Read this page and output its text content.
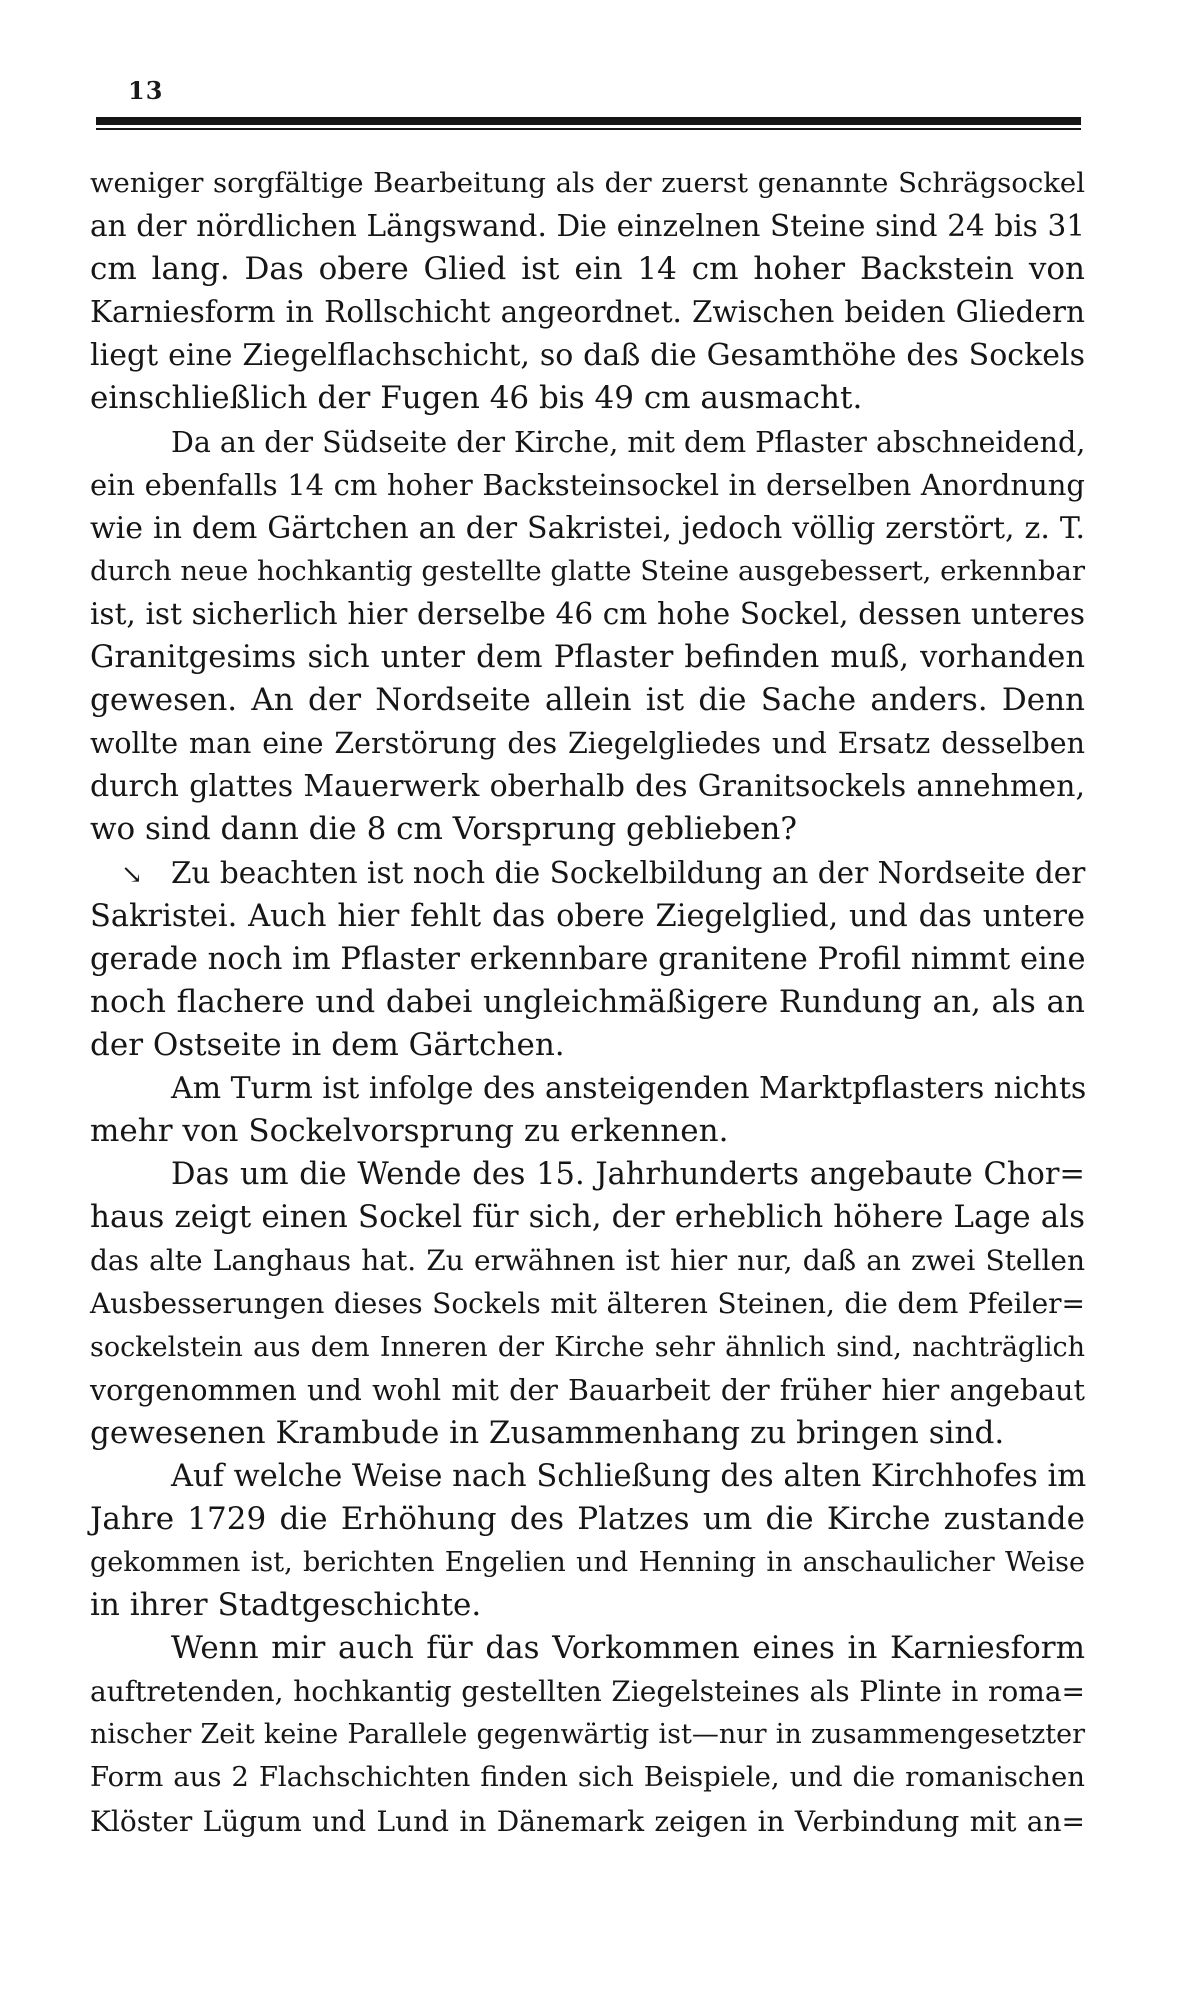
13
weniger sorgfältige Bearbeitung als der zuerst genannte Schrägsockel
an der nördlichen Längswand. Die einzelnen Steine sind 24 bis 31
cm lang. Das obere Glied ist ein 14 cm hoher Backstein von
Karniesform in Rollschicht angeordnet. Zwischen beiden Gliedern
liegt eine Ziegelflachschicht, so daß die Gesamthöhe des Sockels
einschließlich der Fugen 46 bis 49 cm ausmacht.
Da an der Südseite der Kirche, mit dem Pflaster abschneidend,
ein ebenfalls 14 cm hoher Backsteinsockel in derselben Anordnung
wie in dem Gärtchen an der Sakristei, jedoch völlig zerstört, z. T.
durch neue hochkantig gestellte glatte Steine ausgebessert, erkennbar
ist, ist sicherlich hier derselbe 46 cm hohe Sockel, dessen unteres
Granitgesims sich unter dem Pflaster befinden muß, vorhanden
gewesen. An der Nordseite allein ist die Sache anders. Denn
wollte man eine Zerstörung des Ziegelgliedes und Ersatz desselben
durch glattes Mauerwerk oberhalb des Granitsockels annehmen,
wo sind dann die 8 cm Vorsprung geblieben?
↘ Zu beachten ist noch die Sockelbildung an der Nordseite der
Sakristei. Auch hier fehlt das obere Ziegelglied, und das untere
gerade noch im Pflaster erkennbare granitene Profil nimmt eine
noch flachere und dabei ungleichmäßigere Rundung an, als an
der Ostseite in dem Gärtchen.
Am Turm ist infolge des ansteigenden Marktpflasters nichts
mehr von Sockelvorsprung zu erkennen.
Das um die Wende des 15. Jahrhunderts angebaute Chor=
haus zeigt einen Sockel für sich, der erheblich höhere Lage als
das alte Langhaus hat. Zu erwähnen ist hier nur, daß an zwei Stellen
Ausbesserungen dieses Sockels mit älteren Steinen, die dem Pfeiler=
sockelstein aus dem Inneren der Kirche sehr ähnlich sind, nachträglich
vorgenommen und wohl mit der Bauarbeit der früher hier angebaut
gewesenen Krambude in Zusammenhang zu bringen sind.
Auf welche Weise nach Schließung des alten Kirchhofes im
Jahre 1729 die Erhöhung des Platzes um die Kirche zustande
gekommen ist, berichten Engelien und Henning in anschaulicher Weise
in ihrer Stadtgeschichte.
Wenn mir auch für das Vorkommen eines in Karniesform
auftretenden, hochkantig gestellten Ziegelsteines als Plinte in roma=
nischer Zeit keine Parallele gegenwärtig ist—nur in zusammengesetzter
Form aus 2 Flachschichten finden sich Beispiele, und die romanischen
Klöster Lügum und Lund in Dänemark zeigen in Verbindung mit an=
